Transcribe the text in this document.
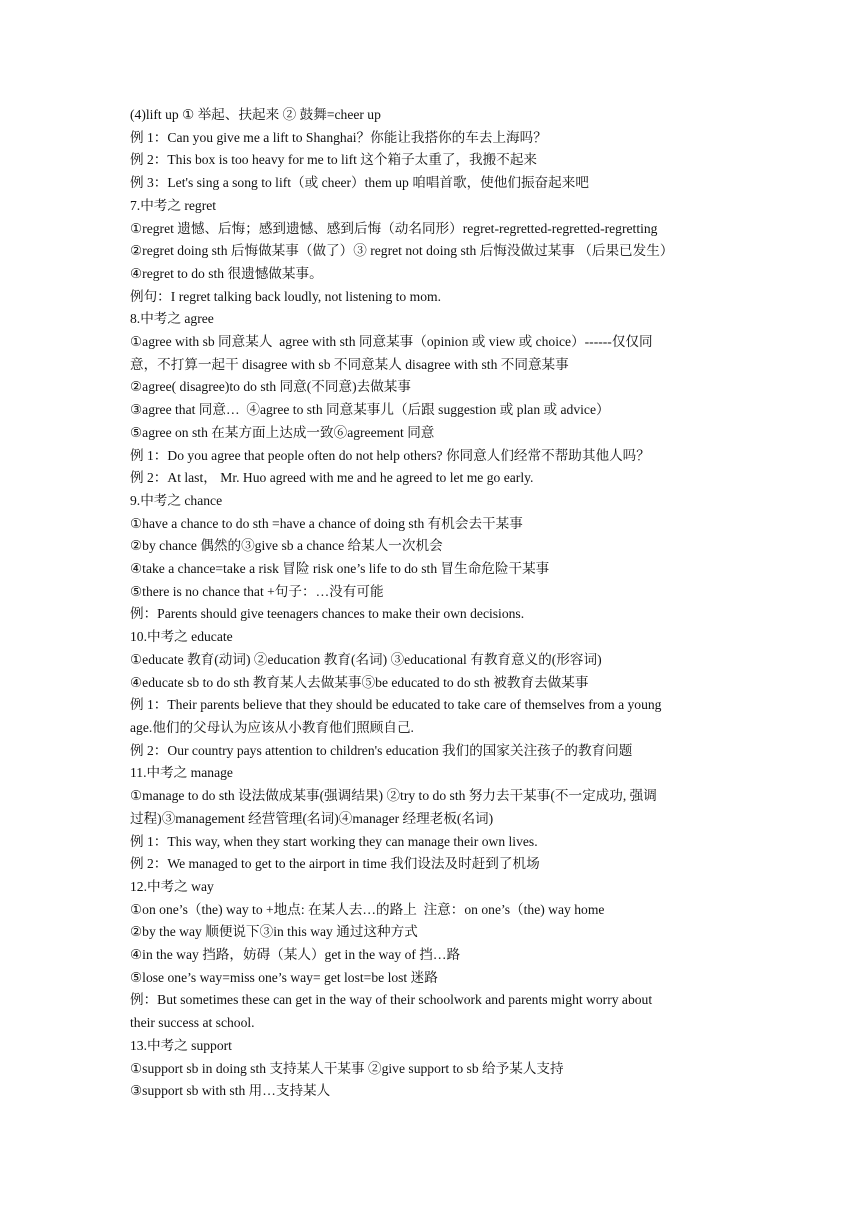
(4)lift up ① 举起、扶起来 ② 鼓舞=cheer up
例 1：Can you give me a lift to Shanghai？你能让我搭你的车去上海吗？
例 2：This box is too heavy for me to lift 这个箱子太重了，我搬不起来
例 3：Let's sing a song to lift（或 cheer）them up 咱唱首歌，使他们振奋起来吧
7.中考之 regret
①regret 遗憾、后悔；感到遗憾、感到后悔（动名同形）regret-regretted-regretted-regretting
②regret doing sth 后悔做某事（做了）③ regret not doing sth 后悔没做过某事 （后果已发生）
④regret to do sth 很遗憾做某事。
例句：I regret talking back loudly, not listening to mom.
8.中考之 agree
①agree with sb 同意某人  agree with sth 同意某事（opinion 或 view 或 choice）------仅仅同
意，不打算一起干 disagree with sb 不同意某人 disagree with sth 不同意某事
②agree( disagree)to do sth 同意(不同意)去做某事
③agree that 同意…  ④agree to sth 同意某事儿（后跟 suggestion 或 plan 或 advice）
⑤agree on sth 在某方面上达成一致⑥agreement 同意
例 1：Do you agree that people often do not help others? 你同意人们经常不帮助其他人吗？
例 2：At last， Mr. Huo agreed with me and he agreed to let me go early.
9.中考之 chance
①have a chance to do sth =have a chance of doing sth 有机会去干某事
②by chance 偶然的③give sb a chance 给某人一次机会
④take a chance=take a risk 冒险 risk one’s life to do sth 冒生命危险干某事
⑤there is no chance that +句子：…没有可能
例：Parents should give teenagers chances to make their own decisions.
10.中考之 educate
①educate 教育(动词) ②education 教育(名词) ③educational 有教育意义的(形容词)
④educate sb to do sth 教育某人去做某事⑤be educated to do sth 被教育去做某事
例 1：Their parents believe that they should be educated to take care of themselves from a young
age.他们的父母认为应该从小教育他们照顾自己.
例 2：Our country pays attention to children's education 我们的国家关注孩子的教育问题
11.中考之 manage
①manage to do sth 设法做成某事(强调结果) ②try to do sth 努力去干某事(不一定成功, 强调
过程)③management 经营管理(名词)④manager 经理老板(名词)
例 1：This way, when they start working they can manage their own lives.
例 2：We managed to get to the airport in time 我们设法及时赶到了机场
12.中考之 way
①on one’s（the) way to +地点: 在某人去…的路上  注意：on one’s（the) way home
②by the way 顺便说下③in this way 通过这种方式
④in the way 挡路，妨碍（某人）get in the way of 挡…路
⑤lose one’s way=miss one’s way= get lost=be lost 迷路
例：But sometimes these can get in the way of their schoolwork and parents might worry about
their success at school.
13.中考之 support
①support sb in doing sth 支持某人干某事 ②give support to sb 给予某人支持
③support sb with sth 用…支持某人
